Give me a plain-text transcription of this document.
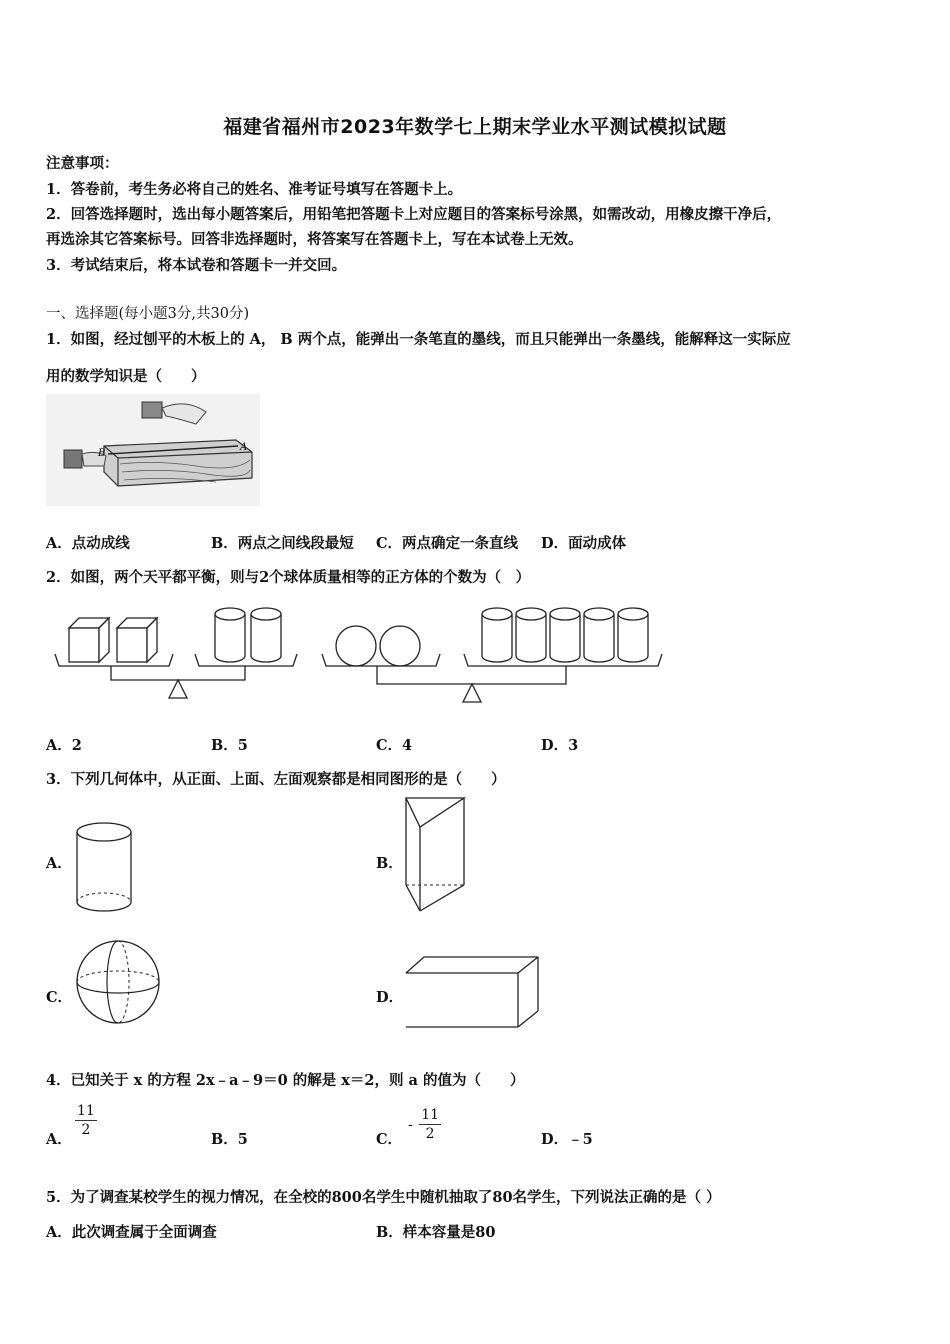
福建省福州市2023年数学七上期末学业水平测试模拟试题
注意事项：
1．答卷前，考生务必将自己的姓名、准考证号填写在答题卡上。
2．回答选择题时，选出每小题答案后，用铅笔把答题卡上对应题目的答案标号涂黑，如需改动，用橡皮擦干净后，
再选涂其它答案标号。回答非选择题时，将答案写在答题卡上，写在本试卷上无效。
3．考试结束后，将本试卷和答题卡一并交回。
一、选择题(每小题3分,共30分)
1．如图，经过刨平的木板上的 A， B 两个点，能弹出一条笔直的墨线，而且只能弹出一条墨线，能解释这一实际应
用的数学知识是（　　）
B
A
A．点动成线	B．两点之间线段最短 C．两点确定一条直线 D．面动成体
2．如图，两个天平都平衡，则与2个球体质量相等的正方体的个数为（　）
A．2	B．5	C．4	D．3
3．下列几何体中，从正面、上面、左面观察都是相同图形的是（　　）
A．	B．
C．	D．
4．已知关于 x 的方程 2x﹣a﹣9＝0 的解是 x＝2，则 a 的值为（　　）
A．
$\frac{11}{2}$
B．5	C．
- $\frac{11}{2}$	D．﹣5
5．为了调查某校学生的视力情况，在全校的800名学生中随机抽取了80名学生，下列说法正确的是（ ）
A．此次调查属于全面调查	B．样本容量是80
